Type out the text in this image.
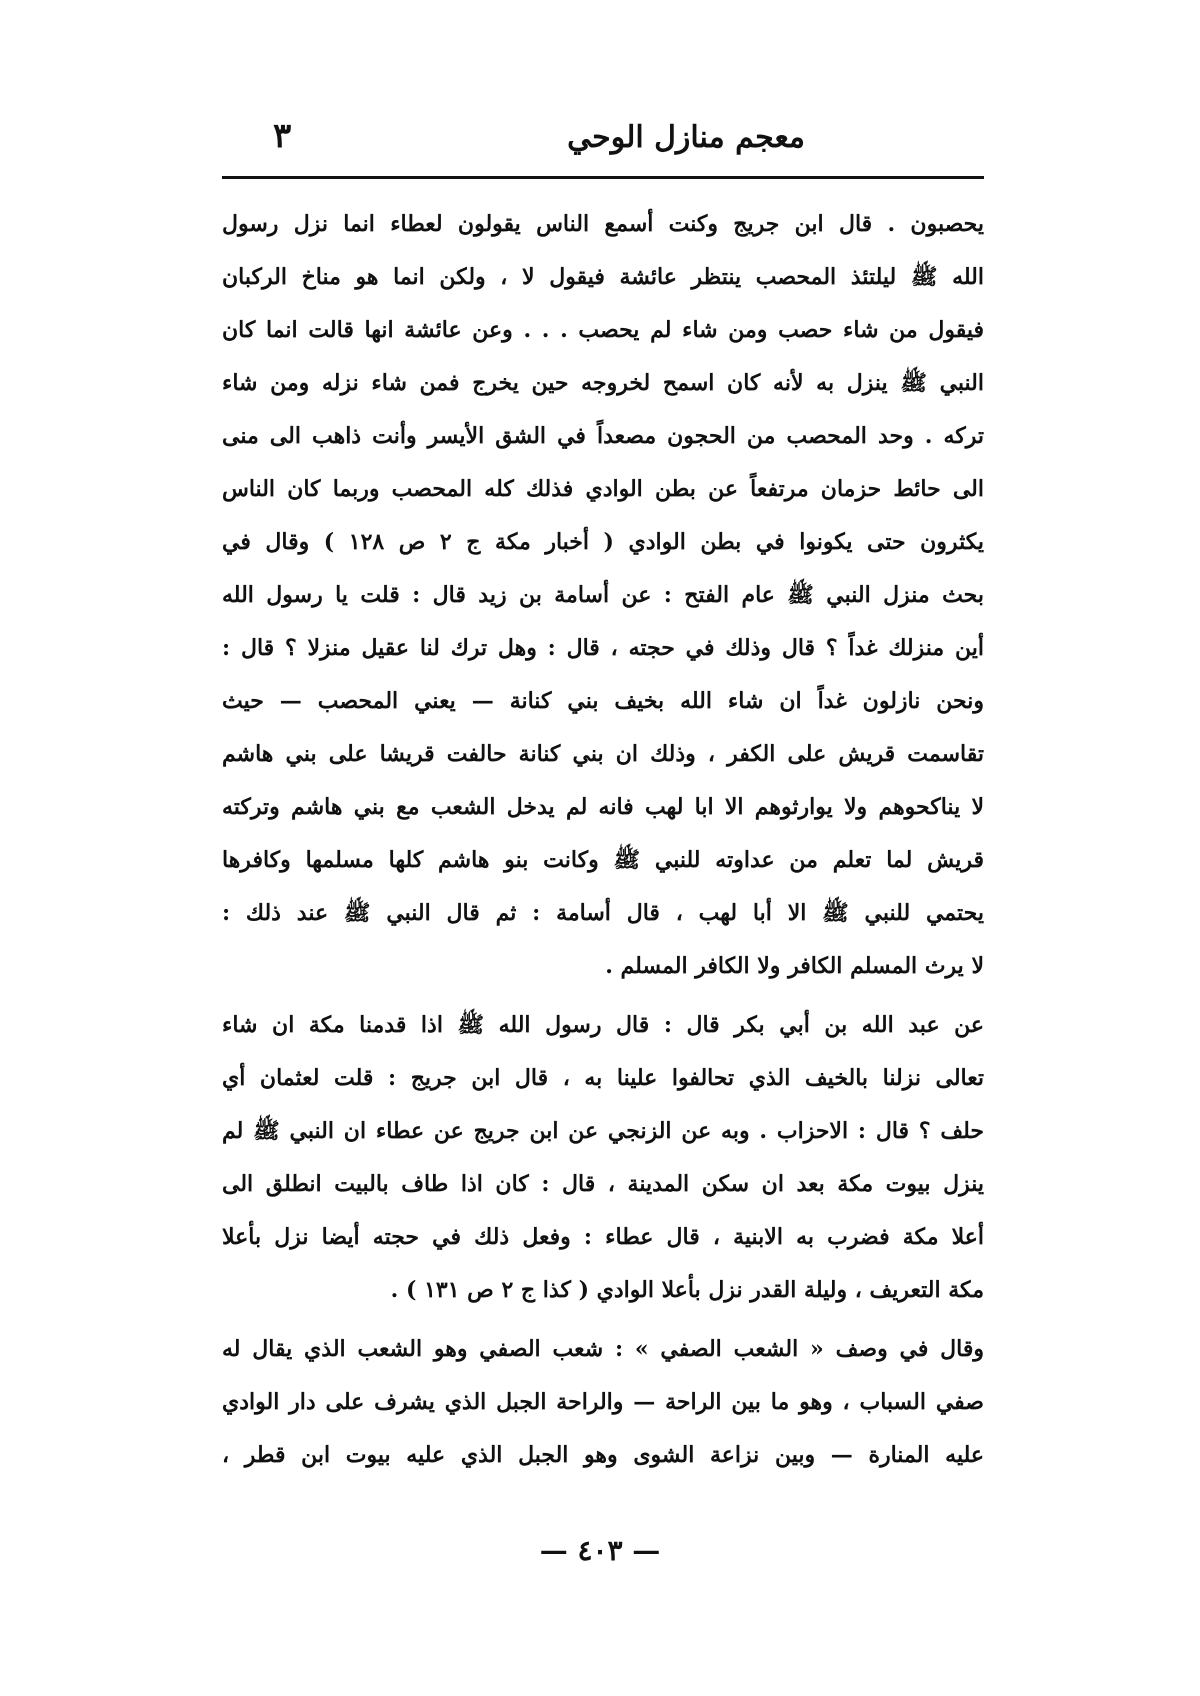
معجم منازل الوحي
٣
يحصبون . قال ابن جريج وكنت أسمع الناس يقولون لعطاء انما نزل رسول
الله ﷺ ليلتئذ المحصب ينتظر عائشة فيقول لا ، ولكن انما هو مناخ الركبان
فيقول من شاء حصب ومن شاء لم يحصب . . . وعن عائشة انها قالت انما كان
النبي ﷺ ينزل به لأنه كان اسمح لخروجه حين يخرج فمن شاء نزله ومن شاء
تركه . وحد المحصب من الحجون مصعداً في الشق الأيسر وأنت ذاهب الى منى
الى حائط حزمان مرتفعاً عن بطن الوادي فذلك كله المحصب وربما كان الناس
يكثرون حتى يكونوا في بطن الوادي ( أخبار مكة ج ٢ ص ١٢٨ ) وقال في
بحث منزل النبي ﷺ عام الفتح : عن أسامة بن زيد قال : قلت يا رسول الله
أين منزلك غداً ؟ قال وذلك في حجته ، قال : وهل ترك لنا عقيل منزلا ؟ قال :
ونحن نازلون غداً ان شاء الله بخيف بني كنانة — يعني المحصب — حيث
تقاسمت قريش على الكفر ، وذلك ان بني كنانة حالفت قريشا على بني هاشم
لا يناكحوهم ولا يوارثوهم الا ابا لهب فانه لم يدخل الشعب مع بني هاشم وتركته
قريش لما تعلم من عداوته للنبي ﷺ وكانت بنو هاشم كلها مسلمها وكافرها
يحتمي للنبي ﷺ الا أبا لهب ، قال أسامة : ثم قال النبي ﷺ عند ذلك :
لا يرث المسلم الكافر ولا الكافر المسلم .
عن عبد الله بن أبي بكر قال : قال رسول الله ﷺ اذا قدمنا مكة ان شاء
تعالى نزلنا بالخيف الذي تحالفوا علينا به ، قال ابن جريج : قلت لعثمان أي
حلف ؟ قال : الاحزاب . وبه عن الزنجي عن ابن جريج عن عطاء ان النبي ﷺ لم
ينزل بيوت مكة بعد ان سكن المدينة ، قال : كان اذا طاف بالبيت انطلق الى
أعلا مكة فضرب به الابنية ، قال عطاء : وفعل ذلك في حجته أيضا نزل بأعلا
مكة التعريف ، وليلة القدر نزل بأعلا الوادي ( كذا ج ٢ ص ١٣١ ) .
وقال في وصف « الشعب الصفي » : شعب الصفي وهو الشعب الذي يقال له
صفي السباب ، وهو ما بين الراحة — والراحة الجبل الذي يشرف على دار الوادي
عليه المنارة — وبين نزاعة الشوى وهو الجبل الذي عليه بيوت ابن قطر ،
— ٤٠٣ —
